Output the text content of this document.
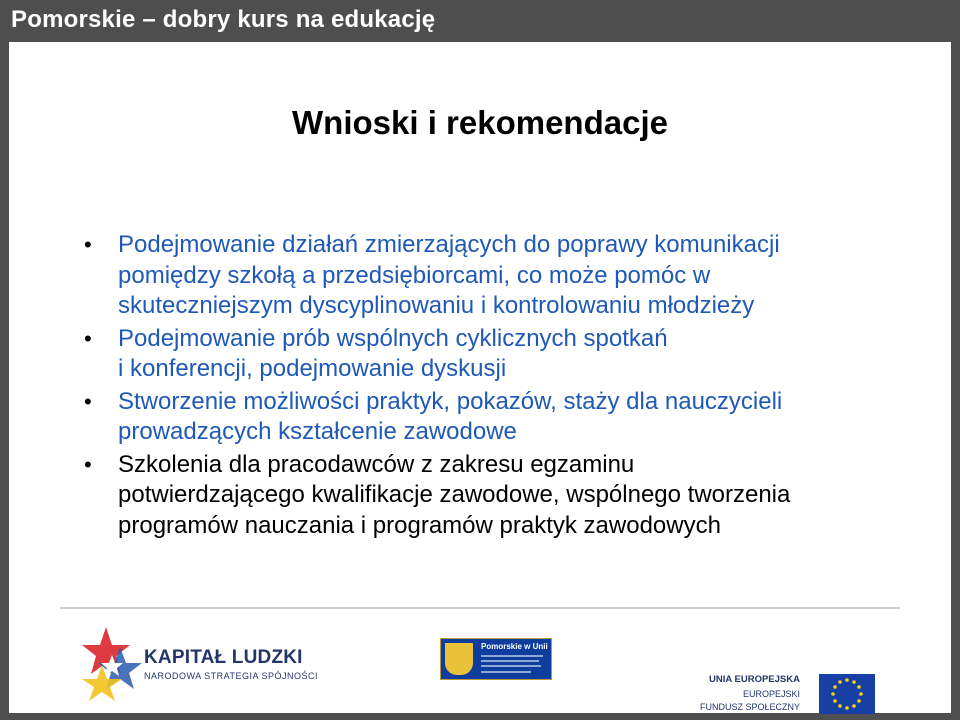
Pomorskie – dobry kurs na edukację
Wnioski i rekomendacje
• Podejmowanie działań zmierzających do poprawy komunikacji
pomiędzy szkołą a przedsiębiorcami, co może pomóc w
skuteczniejszym dyscyplinowaniu i kontrolowaniu młodzieży
• Podejmowanie prób wspólnych cyklicznych spotkań
i konferencji, podejmowanie dyskusji
• Stworzenie możliwości praktyk, pokazów, staży dla nauczycieli
prowadzących kształcenie zawodowe
• Szkolenia dla pracodawców z zakresu egzaminu
potwierdzającego kwalifikacje zawodowe, wspólnego tworzenia
programów nauczania i programów praktyk zawodowych
KAPITAŁ LUDZKI
NARODOWA STRATEGIA SPÓJNOŚCI
Pomorskie w Unii
UNIA EUROPEJSKA
EUROPEJSKI
FUNDUSZ SPOŁECZNY
